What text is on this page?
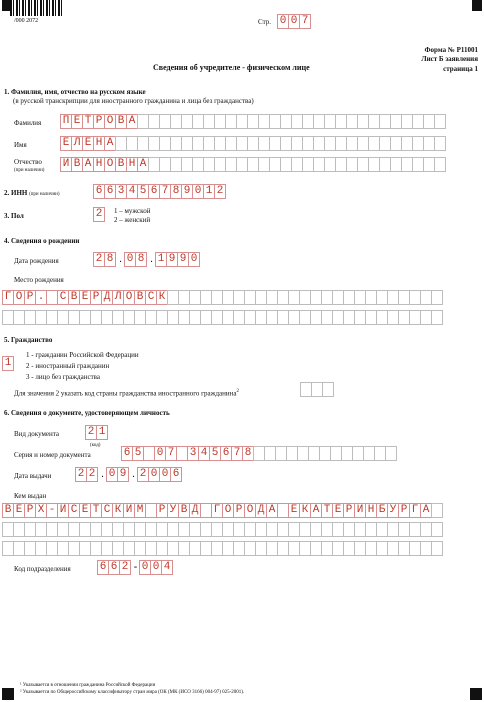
/000 2072	Стр. 0 0 7
Форма № Р11001
Лист Б заявления
страница 1
Сведения об учредителе - физическом лице
1. Фамилия, имя, отчество на русском языке
(в русской транскрипции для иностранного гражданина и лица без гражданства)
Фамилия П Е Т Р О В А
Имя	Е Л Е Н А
Отчество
(при наличии)
И В А Н О В Н А
2. ИНН (при наличии)	6 6 3 4 5 6 7 8 9 0 1 2
3. Пол	2	1 – мужской
2 – женский
4. Сведения о рождении
Дата рождения	2 8 . 0 8 . 1 9 9 0
Место рождения
Г О Р . С В Е Р Д Л О В С К
5. Гражданство
1
1 - гражданин Российской Федерации
2 - иностранный гражданин
3 - лицо без гражданства
Для значения 2 указать код страны гражданства иностранного гражданина$^2$
6. Сведения о документе, удостоверяющем личность
Вид документа	2 1
(код)
Серия и номер документа	6 5 0 7 3 4 5 6 7 8
Дата выдачи 2 2 . 0 9 . 2 0 0 6
Кем выдан
В Е Р Х - И С Е Т С К И М Р У В Д Г О Р О Д А Е К А Т Е Р И Н Б У Р Г А
Код подразделения	6 6 2 - 0 0 4
¹ Указывается в отношении гражданина Российской Федерации
² Указывается по Общероссийскому классификатору стран мира (ОК (МК (ИСО 3166) 004-97) 025-2001).
